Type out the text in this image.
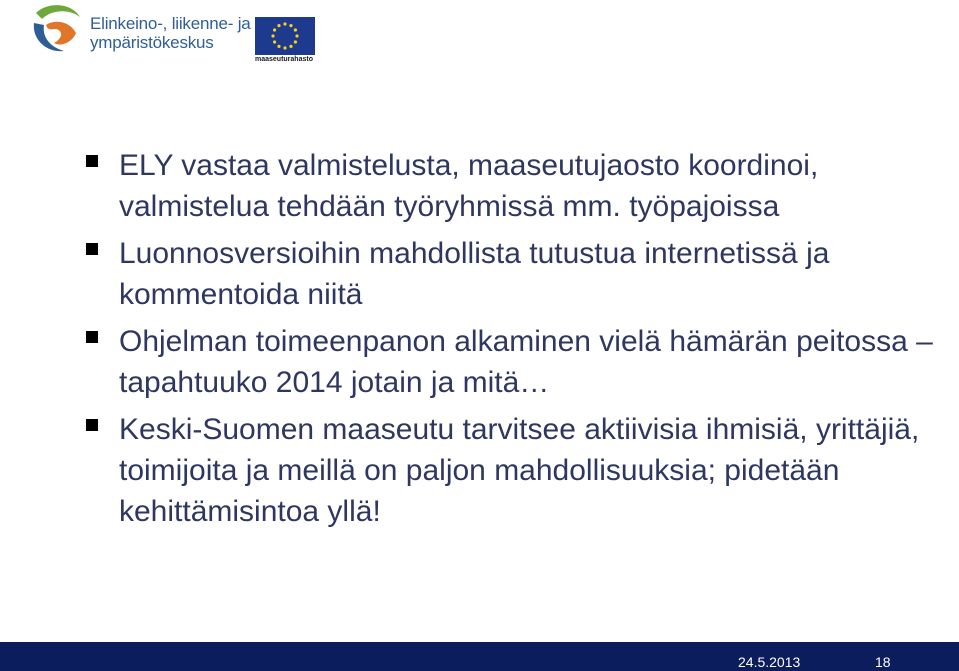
Elinkeino-, liikenne- ja
ympäristökeskus
maaseuturahasto
ELY vastaa valmistelusta, maaseutujaosto koordinoi, valmistelua tehdään työryhmissä mm. työpajoissa
Luonnosversioihin mahdollista tutustua internetissä ja kommentoida niitä
Ohjelman toimeenpanon alkaminen vielä hämärän peitossa – tapahtuuko 2014 jotain ja mitä…
Keski-Suomen maaseutu tarvitsee aktiivisia ihmisiä, yrittäjiä, toimijoita ja meillä on paljon mahdollisuuksia; pidetään kehittämisintoa yllä!
24.5.2013	18
